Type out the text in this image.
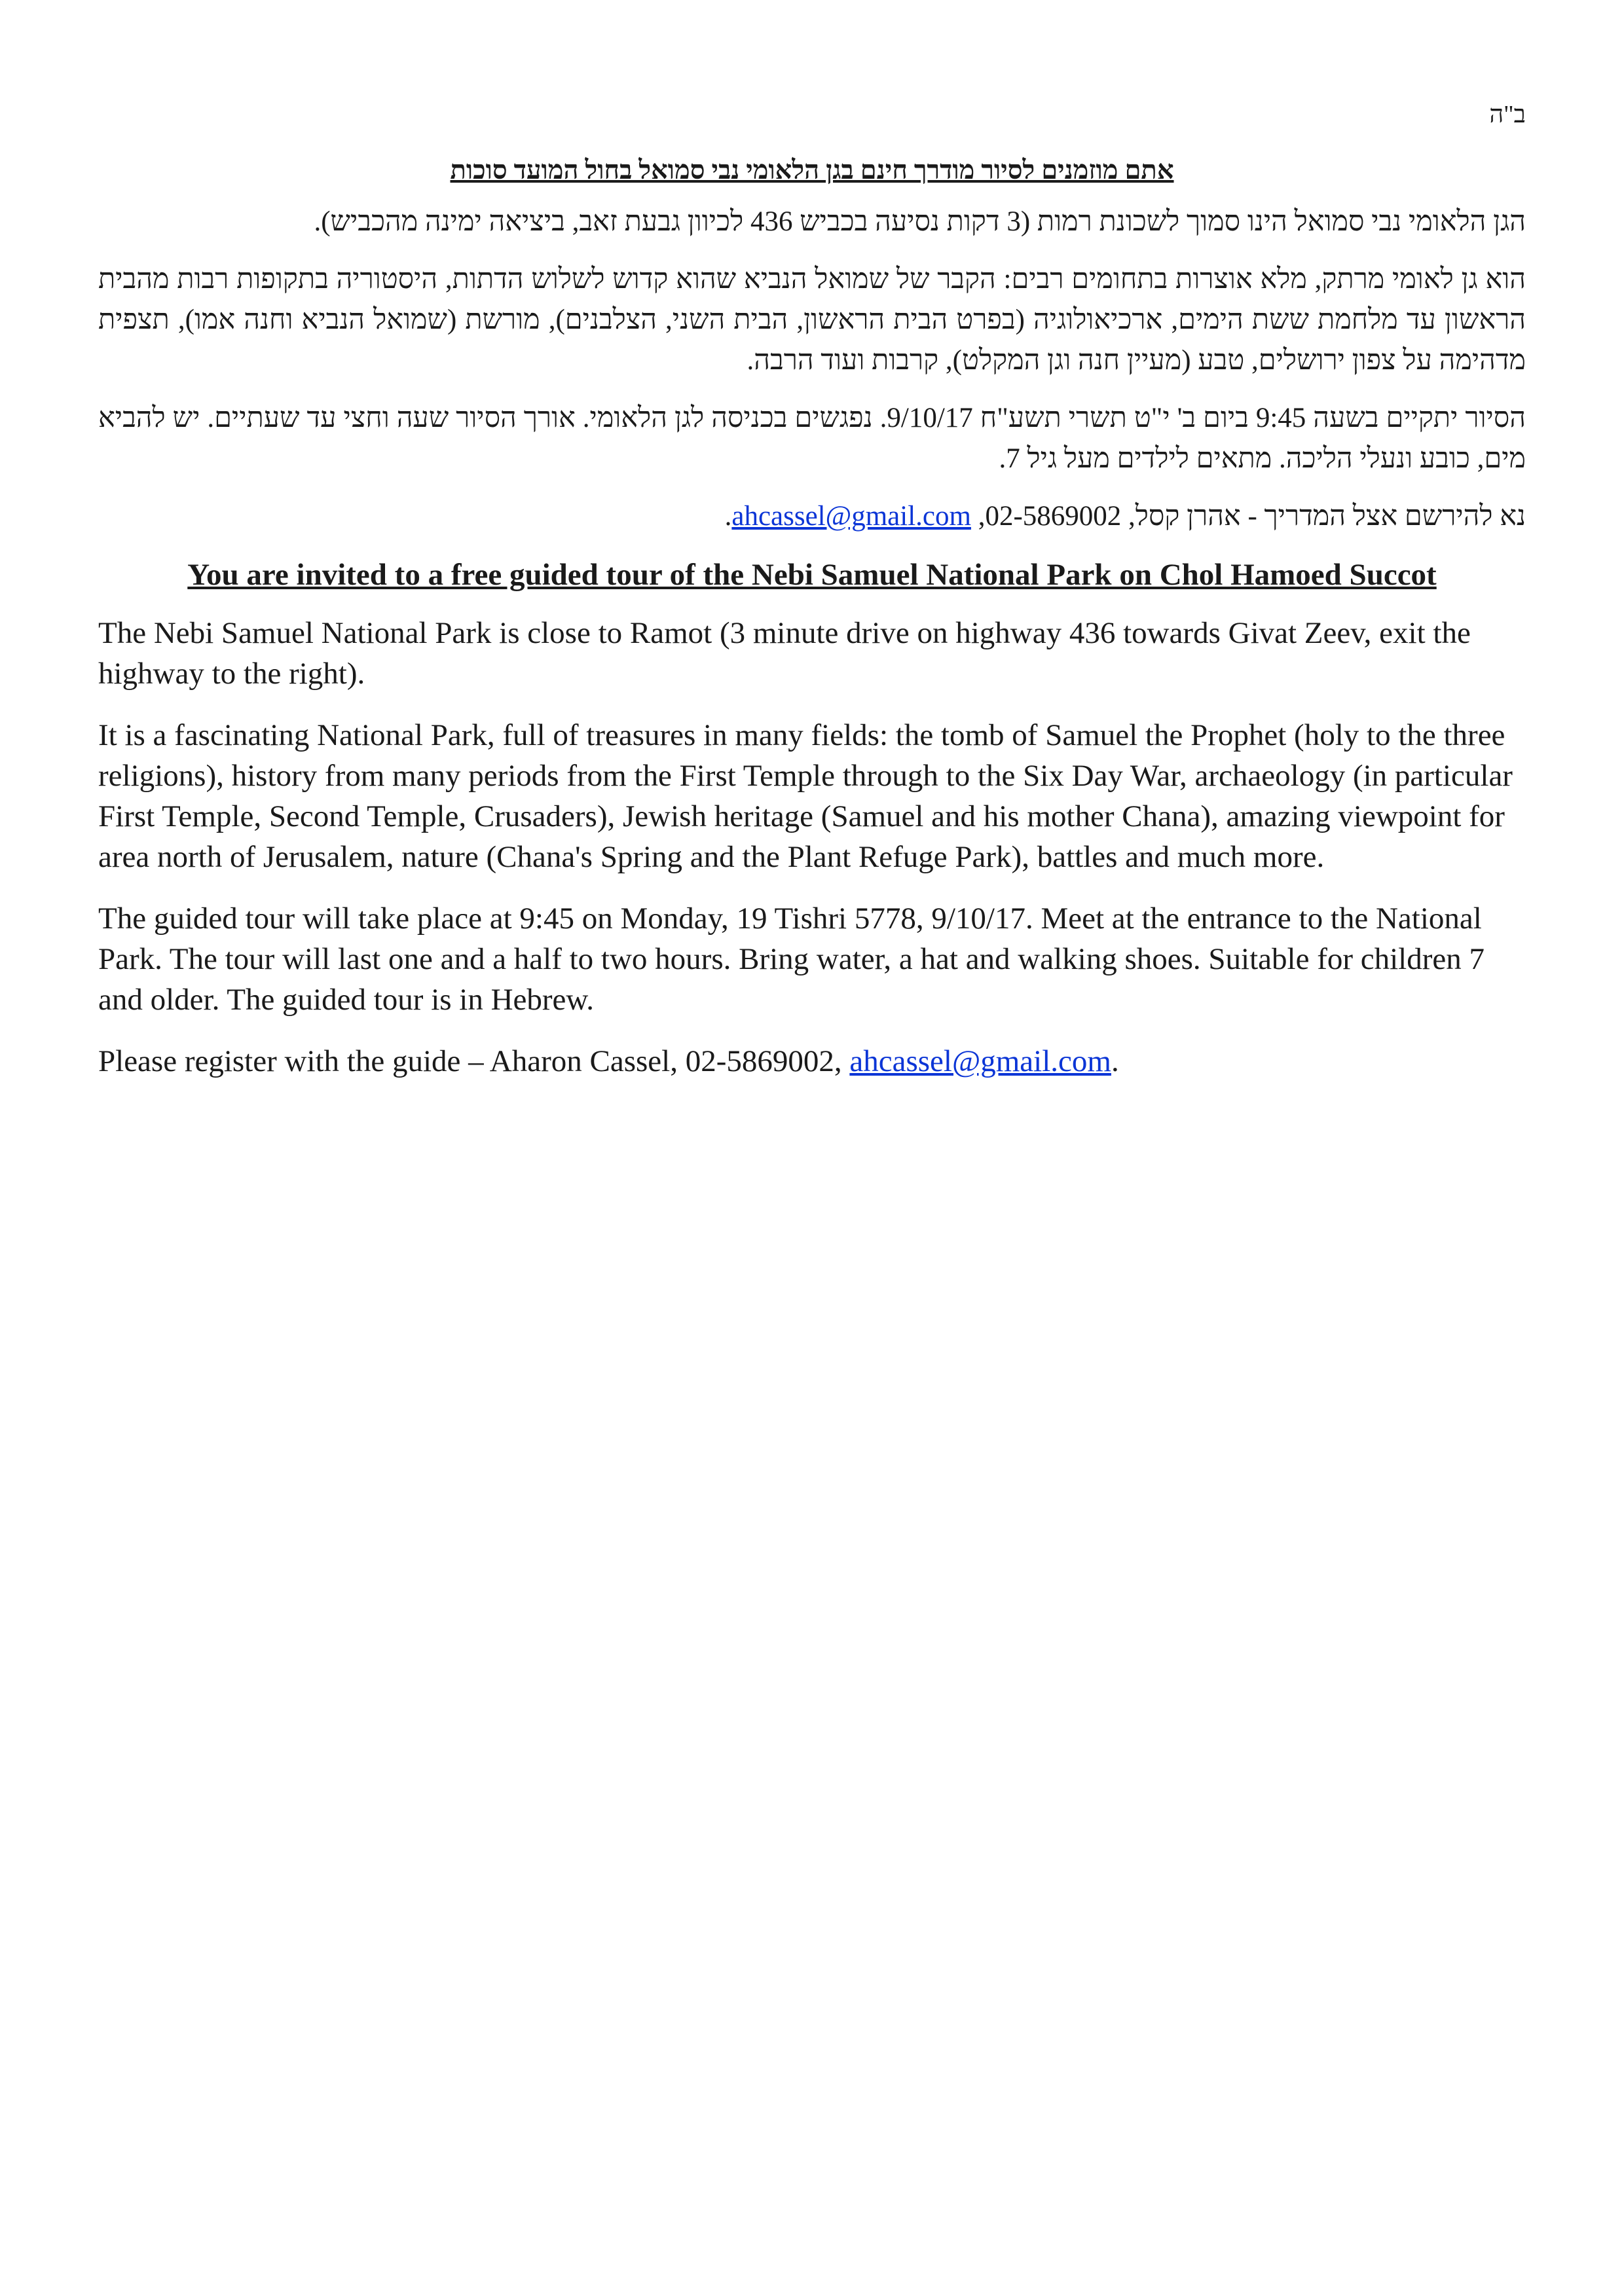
ב"ה
אתם מוזמנים לסיור מודרך חינם בגן הלאומי נבי סמואל בחול המועד סוכות

הגן הלאומי נבי סמואל הינו סמוך לשכונת רמות (3 דקות נסיעה בכביש 436 לכיוון גבעת זאב, ביציאה ימינה מהכביש).

הוא גן לאומי מרתק, מלא אוצרות בתחומים רבים: הקבר של שמואל הנביא שהוא קדוש לשלוש הדתות, היסטוריה בתקופות רבות מהבית הראשון עד מלחמת ששת הימים, ארכיאולוגיה (בפרט הבית הראשון, הבית השני, הצלבנים), מורשת (שמואל הנביא וחנה אמו), תצפית מדהימה על צפון ירושלים, טבע (מעיין חנה וגן המקלט), קרבות ועוד הרבה.

הסיור יתקיים בשעה 9:45 ביום ב' י"ט תשרי תשע"ח 9/10/17. נפגשים בכניסה לגן הלאומי. אורך הסיור שעה וחצי עד שעתיים. יש להביא מים, כובע ונעלי הליכה. מתאים לילדים מעל גיל 7.

נא להירשם אצל המדריך - אהרן קסל, 02-5869002, ahcassel@gmail.com.

You are invited to a free guided tour of the Nebi Samuel National Park on Chol Hamoed Succot

The Nebi Samuel National Park is close to Ramot (3 minute drive on highway 436 towards Givat Zeev, exit the highway to the right).

It is a fascinating National Park, full of treasures in many fields: the tomb of Samuel the Prophet (holy to the three religions), history from many periods from the First Temple through to the Six Day War, archaeology (in particular First Temple, Second Temple, Crusaders), Jewish heritage (Samuel and his mother Chana), amazing viewpoint for area north of Jerusalem, nature (Chana's Spring and the Plant Refuge Park), battles and much more.

The guided tour will take place at 9:45 on Monday, 19 Tishri 5778, 9/10/17. Meet at the entrance to the National Park. The tour will last one and a half to two hours. Bring water, a hat and walking shoes. Suitable for children 7 and older. The guided tour is in Hebrew.

Please register with the guide – Aharon Cassel, 02-5869002, ahcassel@gmail.com.
